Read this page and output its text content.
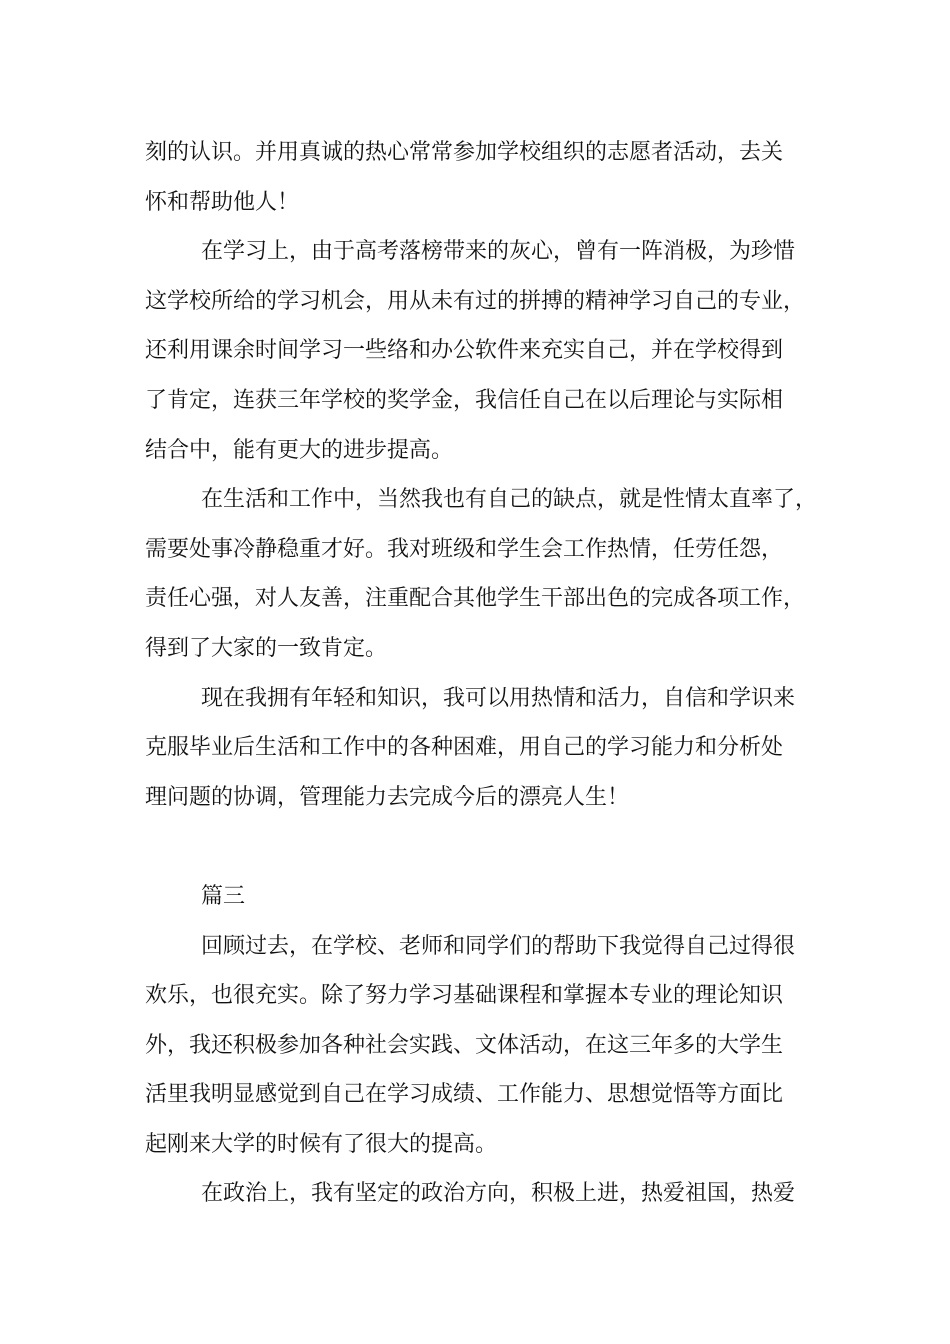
刻的认识。并用真诚的热心常常参加学校组织的志愿者活动，去关
怀和帮助他人！
在学习上，由于高考落榜带来的灰心，曾有一阵消极，为珍惜
这学校所给的学习机会，用从未有过的拼搏的精神学习自己的专业，
还利用课余时间学习一些络和办公软件来充实自己，并在学校得到
了肯定，连获三年学校的奖学金，我信任自己在以后理论与实际相
结合中，能有更大的进步提高。
在生活和工作中，当然我也有自己的缺点，就是性情太直率了，
需要处事冷静稳重才好。我对班级和学生会工作热情，任劳任怨，
责任心强，对人友善，注重配合其他学生干部出色的完成各项工作，
得到了大家的一致肯定。
现在我拥有年轻和知识，我可以用热情和活力，自信和学识来
克服毕业后生活和工作中的各种困难，用自己的学习能力和分析处
理问题的协调，管理能力去完成今后的漂亮人生！
篇三
回顾过去，在学校、老师和同学们的帮助下我觉得自己过得很
欢乐，也很充实。除了努力学习基础课程和掌握本专业的理论知识
外，我还积极参加各种社会实践、文体活动，在这三年多的大学生
活里我明显感觉到自己在学习成绩、工作能力、思想觉悟等方面比
起刚来大学的时候有了很大的提高。
在政治上，我有坚定的政治方向，积极上进，热爱祖国，热爱
